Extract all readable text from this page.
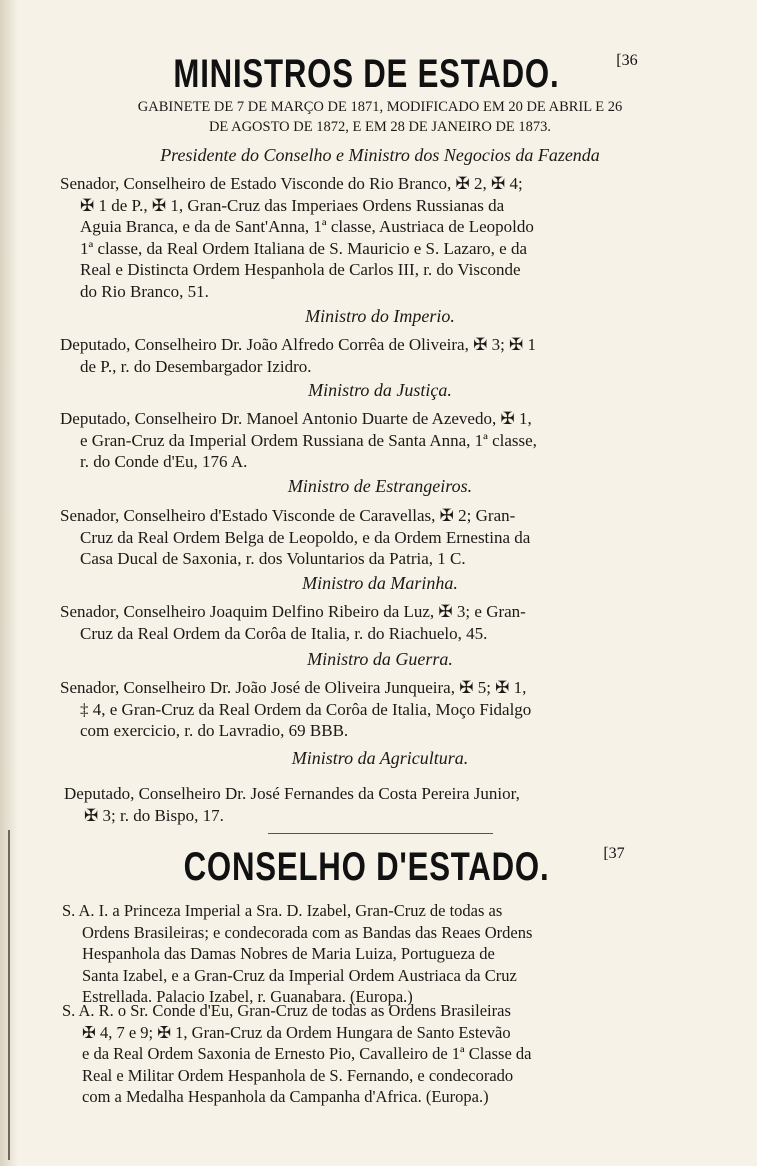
MINISTROS DE ESTADO.	$^{[36}$
GABINETE DE 7 DE MARÇO DE 1871, MODIFICADO EM 20 DE ABRIL E 26
DE AGOSTO DE 1872, E EM 28 DE JANEIRO DE 1873.
Presidente do Conselho e Ministro dos Negocios da Fazenda
Senador, Conselheiro de Estado Visconde do Rio Branco, ✠ 2, ✠ 4;
✠ 1 de P., ✠ 1, Gran-Cruz das Imperiaes Ordens Russianas da
Aguia Branca, e da de Sant'Anna, 1ª classe, Austriaca de Leopoldo
1ª classe, da Real Ordem Italiana de S. Mauricio e S. Lazaro, e da
Real e Distincta Ordem Hespanhola de Carlos III, r. do Visconde
do Rio Branco, 51.
Ministro do Imperio.
Deputado, Conselheiro Dr. João Alfredo Corrêa de Oliveira, ✠ 3; ✠ 1
de P., r. do Desembargador Izidro.
Ministro da Justiça.
Deputado, Conselheiro Dr. Manoel Antonio Duarte de Azevedo, ✠ 1,
e Gran-Cruz da Imperial Ordem Russiana de Santa Anna, 1ª classe,
r. do Conde d'Eu, 176 A.
Ministro de Estrangeiros.
Senador, Conselheiro d'Estado Visconde de Caravellas, ✠ 2; Gran-
Cruz da Real Ordem Belga de Leopoldo, e da Ordem Ernestina da
Casa Ducal de Saxonia, r. dos Voluntarios da Patria, 1 C.
Ministro da Marinha.
Senador, Conselheiro Joaquim Delfino Ribeiro da Luz, ✠ 3; e Gran-
Cruz da Real Ordem da Corôa de Italia, r. do Riachuelo, 45.
Ministro da Guerra.
Senador, Conselheiro Dr. João José de Oliveira Junqueira, ✠ 5; ✠ 1,
‡ 4, e Gran-Cruz da Real Ordem da Corôa de Italia, Moço Fidalgo
com exercicio, r. do Lavradio, 69 BBB.
Ministro da Agricultura.
Deputado, Conselheiro Dr. José Fernandes da Costa Pereira Junior,
✠ 3; r. do Bispo, 17.
CONSELHO D'ESTADO.	$^{[37}$
S. A. I. a Princeza Imperial a Sra. D. Izabel, Gran-Cruz de todas as
Ordens Brasileiras; e condecorada com as Bandas das Reaes Ordens
Hespanhola das Damas Nobres de Maria Luiza, Portugueza de
Santa Izabel, e a Gran-Cruz da Imperial Ordem Austriaca da Cruz
Estrellada. Palacio Izabel, r. Guanabara. (Europa.)
S. A. R. o Sr. Conde d'Eu, Gran-Cruz de todas as Ordens Brasileiras
✠ 4, 7 e 9; ✠ 1, Gran-Cruz da Ordem Hungara de Santo Estevão
e da Real Ordem Saxonia de Ernesto Pio, Cavalleiro de 1ª Classe da
Real e Militar Ordem Hespanhola de S. Fernando, e condecorado
com a Medalha Hespanhola da Campanha d'Africa. (Europa.)
